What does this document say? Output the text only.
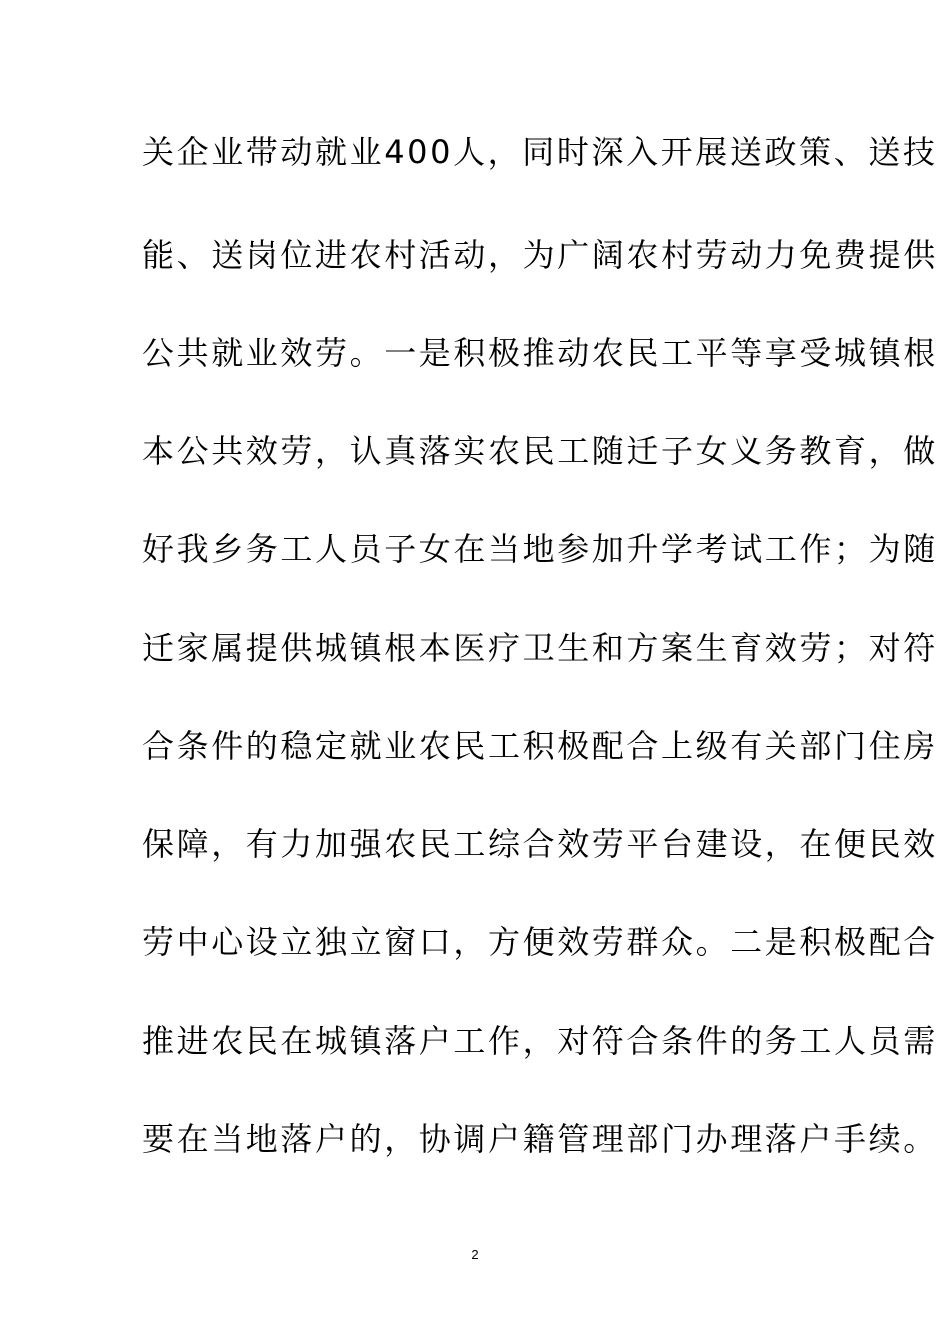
关企业带动就业400人，同时深入开展送政策、送技
能、送岗位进农村活动，为广阔农村劳动力免费提供
公共就业效劳。一是积极推动农民工平等享受城镇根
本公共效劳，认真落实农民工随迁子女义务教育，做
好我乡务工人员子女在当地参加升学考试工作；为随
迁家属提供城镇根本医疗卫生和方案生育效劳；对符
合条件的稳定就业农民工积极配合上级有关部门住房
保障，有力加强农民工综合效劳平台建设，在便民效
劳中心设立独立窗口，方便效劳群众。二是积极配合
推进农民在城镇落户工作，对符合条件的务工人员需
要在当地落户的，协调户籍管理部门办理落户手续。
2
